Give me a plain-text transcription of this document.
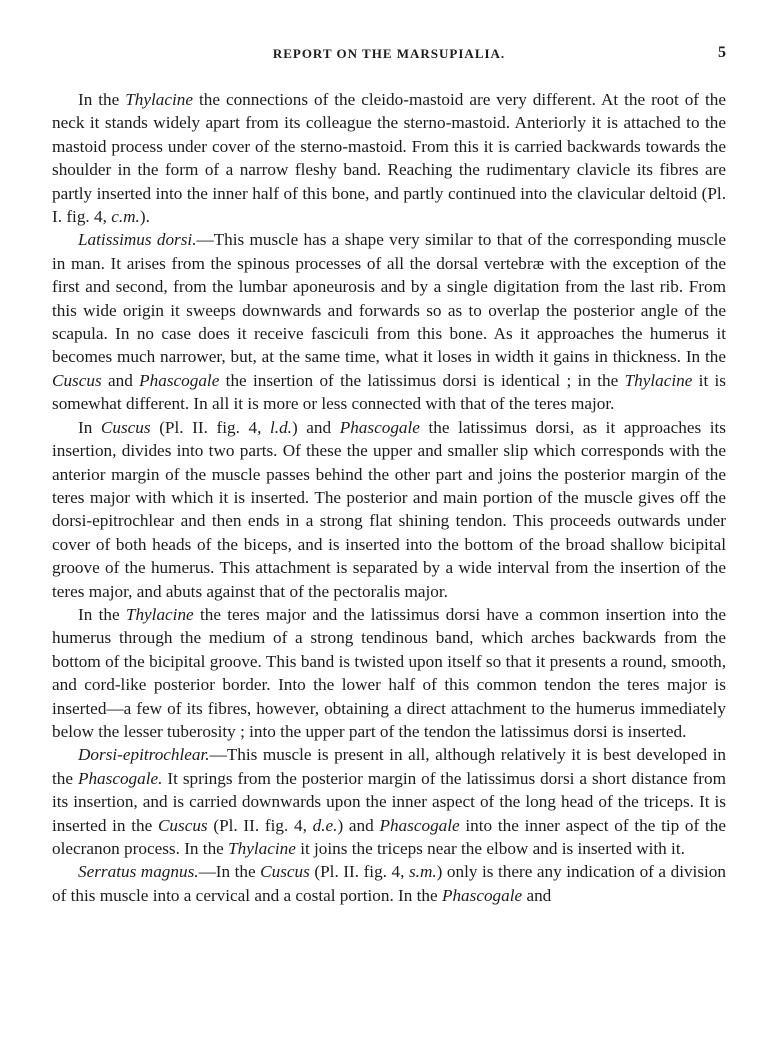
REPORT ON THE MARSUPIALIA.	5

In the Thylacine the connections of the cleido-mastoid are very different. At the root of the neck it stands widely apart from its colleague the sterno-mastoid. Anteriorly it is attached to the mastoid process under cover of the sterno-mastoid. From this it is carried backwards towards the shoulder in the form of a narrow fleshy band. Reaching the rudimentary clavicle its fibres are partly inserted into the inner half of this bone, and partly continued into the clavicular deltoid (Pl. I. fig. 4, c.m.).

Latissimus dorsi.—This muscle has a shape very similar to that of the corresponding muscle in man. It arises from the spinous processes of all the dorsal vertebræ with the exception of the first and second, from the lumbar aponeurosis and by a single digitation from the last rib. From this wide origin it sweeps downwards and forwards so as to overlap the posterior angle of the scapula. In no case does it receive fasciculi from this bone. As it approaches the humerus it becomes much narrower, but, at the same time, what it loses in width it gains in thickness. In the Cuscus and Phascogale the insertion of the latissimus dorsi is identical ; in the Thylacine it is somewhat different. In all it is more or less connected with that of the teres major.

In Cuscus (Pl. II. fig. 4, l.d.) and Phascogale the latissimus dorsi, as it approaches its insertion, divides into two parts. Of these the upper and smaller slip which corresponds with the anterior margin of the muscle passes behind the other part and joins the posterior margin of the teres major with which it is inserted. The posterior and main portion of the muscle gives off the dorsi-epitrochlear and then ends in a strong flat shining tendon. This proceeds outwards under cover of both heads of the biceps, and is inserted into the bottom of the broad shallow bicipital groove of the humerus. This attachment is separated by a wide interval from the insertion of the teres major, and abuts against that of the pectoralis major.

In the Thylacine the teres major and the latissimus dorsi have a common insertion into the humerus through the medium of a strong tendinous band, which arches backwards from the bottom of the bicipital groove. This band is twisted upon itself so that it presents a round, smooth, and cord-like posterior border. Into the lower half of this common tendon the teres major is inserted—a few of its fibres, however, obtaining a direct attachment to the humerus immediately below the lesser tuberosity ; into the upper part of the tendon the latissimus dorsi is inserted.

Dorsi-epitrochlear.—This muscle is present in all, although relatively it is best developed in the Phascogale. It springs from the posterior margin of the latissimus dorsi a short distance from its insertion, and is carried downwards upon the inner aspect of the long head of the triceps. It is inserted in the Cuscus (Pl. II. fig. 4, d.e.) and Phascogale into the inner aspect of the tip of the olecranon process. In the Thylacine it joins the triceps near the elbow and is inserted with it.

Serratus magnus.—In the Cuscus (Pl. II. fig. 4, s.m.) only is there any indication of a division of this muscle into a cervical and a costal portion. In the Phascogale and
